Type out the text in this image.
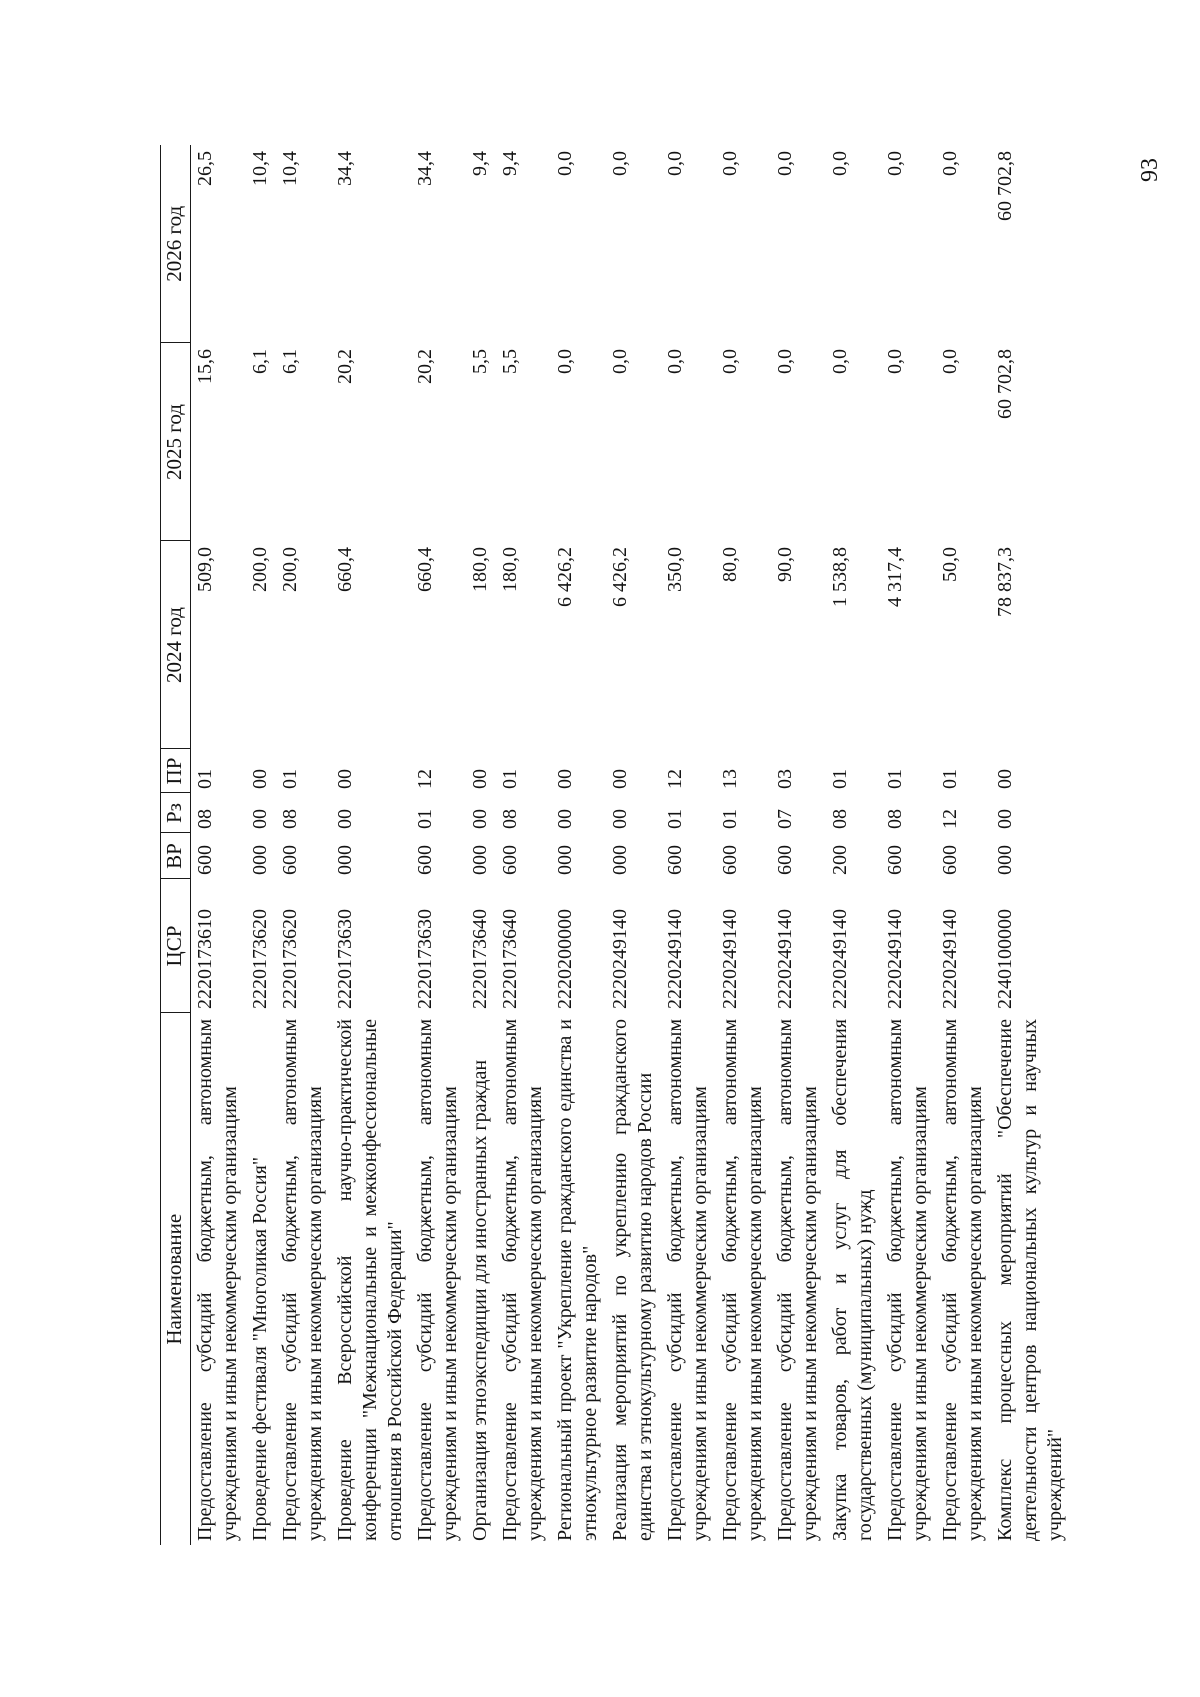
93
Наименование	ЦСР	ВР	Рз	ПР	2024 год	2025 год	2026 год
Предоставление субсидий бюджетным, автономным учреждениям и иным некоммерческим организациям	2220173610	600	08	01	509,0	15,6	26,5
Проведение фестиваля "Многоликая Россия"	2220173620	000	00	00	200,0	6,1	10,4
Предоставление субсидий бюджетным, автономным учреждениям и иным некоммерческим организациям	2220173620	600	08	01	200,0	6,1	10,4
Проведение Всероссийской научно-практической конференции "Межнациональные и межконфессиональные отношения в Российской Федерации"	2220173630	000	00	00	660,4	20,2	34,4
Предоставление субсидий бюджетным, автономным учреждениям и иным некоммерческим организациям	2220173630	600	01	12	660,4	20,2	34,4
Организация этноэкспедиции для иностранных граждан	2220173640	000	00	00	180,0	5,5	9,4
Предоставление субсидий бюджетным, автономным учреждениям и иным некоммерческим организациям	2220173640	600	08	01	180,0	5,5	9,4
Региональный проект "Укрепление гражданского единства и этнокультурное развитие народов"	2220200000	000	00	00	6 426,2	0,0	0,0
Реализация мероприятий по укреплению гражданского единства и этнокультурному развитию народов России	2220249140	000	00	00	6 426,2	0,0	0,0
Предоставление субсидий бюджетным, автономным учреждениям и иным некоммерческим организациям	2220249140	600	01	12	350,0	0,0	0,0
Предоставление субсидий бюджетным, автономным учреждениям и иным некоммерческим организациям	2220249140	600	01	13	80,0	0,0	0,0
Предоставление субсидий бюджетным, автономным учреждениям и иным некоммерческим организациям	2220249140	600	07	03	90,0	0,0	0,0
Закупка товаров, работ и услуг для обеспечения государственных (муниципальных) нужд	2220249140	200	08	01	1 538,8	0,0	0,0
Предоставление субсидий бюджетным, автономным учреждениям и иным некоммерческим организациям	2220249140	600	08	01	4 317,4	0,0	0,0
Предоставление субсидий бюджетным, автономным учреждениям и иным некоммерческим организациям	2220249140	600	12	01	50,0	0,0	0,0
Комплекс процессных мероприятий "Обеспечение деятельности центров национальных культур и научных учреждений"	2240100000	000	00	00	78 837,3	60 702,8	60 702,8
